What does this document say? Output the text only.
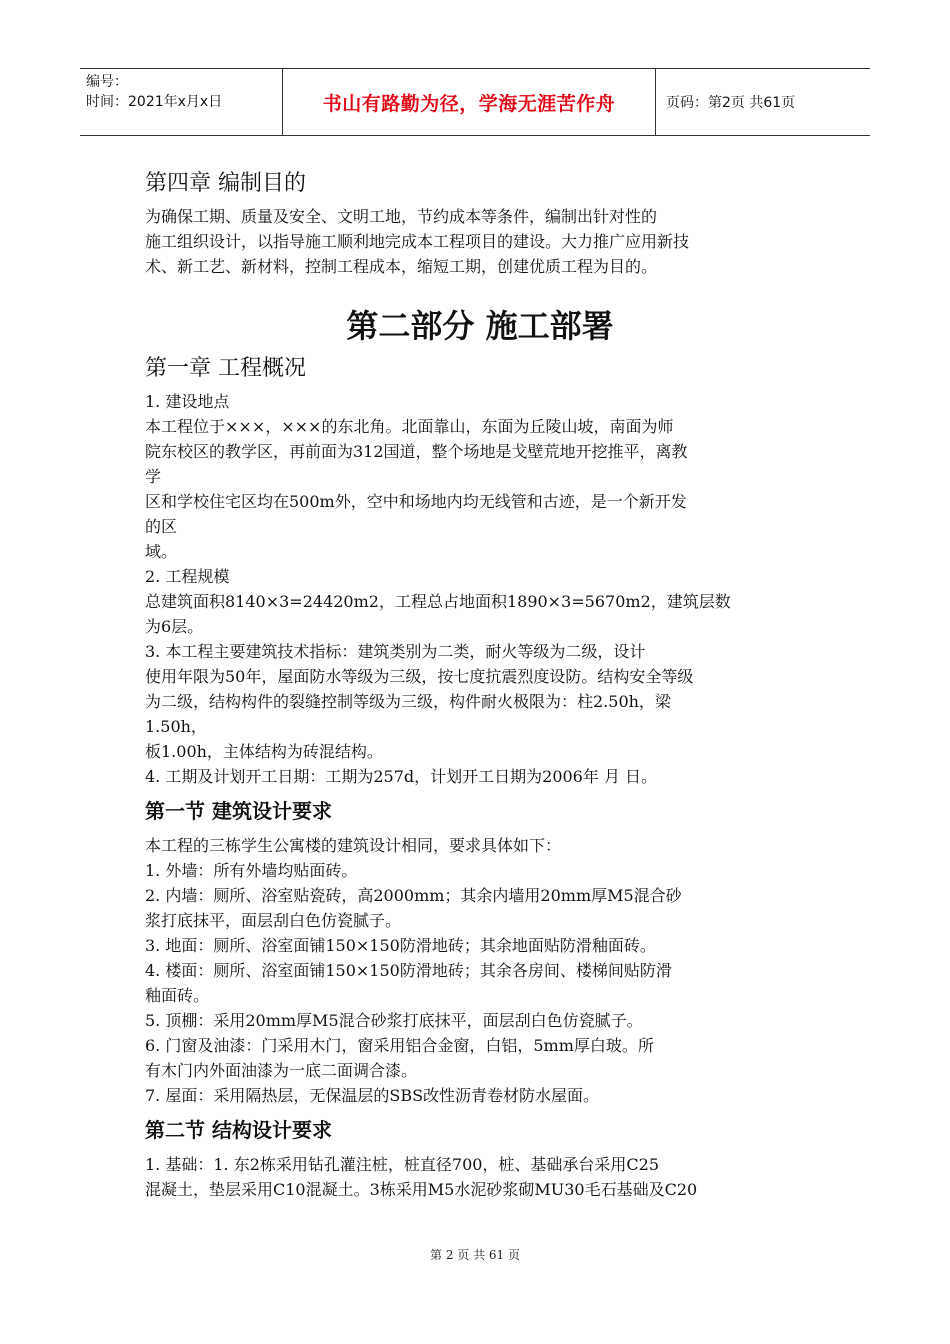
编号：
时间：2021年x月x日	书山有路勤为径，学海无涯苦作舟	页码：第2页 共61页
第四章 编制目的

为确保工期、质量及安全、文明工地，节约成本等条件，编制出针对性的

施工组织设计，以指导施工顺利地完成本工程项目的建设。大力推广应用新技

术、新工艺、新材料，控制工程成本，缩短工期，创建优质工程为目的。

第二部分 施工部署
第一章 工程概况

1. 建设地点

本工程位于×××，×××的东北角。北面靠山，东面为丘陵山坡，南面为师

院东校区的教学区，再前面为312国道，整个场地是戈壁荒地开挖推平，离教

学

区和学校住宅区均在500m外，空中和场地内均无线管和古迹，是一个新开发

的区

域。

2. 工程规模

总建筑面积8140×3=24420m2，工程总占地面积1890×3=5670m2，建筑层数

为6层。

3. 本工程主要建筑技术指标：建筑类别为二类，耐火等级为二级，设计

使用年限为50年，屋面防水等级为三级，按七度抗震烈度设防。结构安全等级

为二级，结构构件的裂缝控制等级为三级，构件耐火极限为：柱2.50h，梁

1.50h，

板1.00h，主体结构为砖混结构。

4. 工期及计划开工日期：工期为257d，计划开工日期为2006年 月 日。

第一节 建筑设计要求

本工程的三栋学生公寓楼的建筑设计相同，要求具体如下：

1. 外墙：所有外墙均贴面砖。

2. 内墙：厕所、浴室贴瓷砖，高2000mm；其余内墙用20mm厚M5混合砂

浆打底抹平，面层刮白色仿瓷腻子。

3. 地面：厕所、浴室面铺150×150防滑地砖；其余地面贴防滑釉面砖。

4. 楼面：厕所、浴室面铺150×150防滑地砖；其余各房间、楼梯间贴防滑

釉面砖。

5. 顶棚：采用20mm厚M5混合砂浆打底抹平，面层刮白色仿瓷腻子。

6. 门窗及油漆：门采用木门，窗采用铝合金窗，白铝，5mm厚白玻。所

有木门内外面油漆为一底二面调合漆。

7. 屋面：采用隔热层，无保温层的SBS改性沥青卷材防水屋面。

第二节 结构设计要求

1. 基础：1. 东2栋采用钻孔灌注桩，桩直径700，桩、基础承台采用C25

混凝土，垫层采用C10混凝土。3栋采用M5水泥砂浆砌MU30毛石基础及C20

第 2 页 共 61 页
